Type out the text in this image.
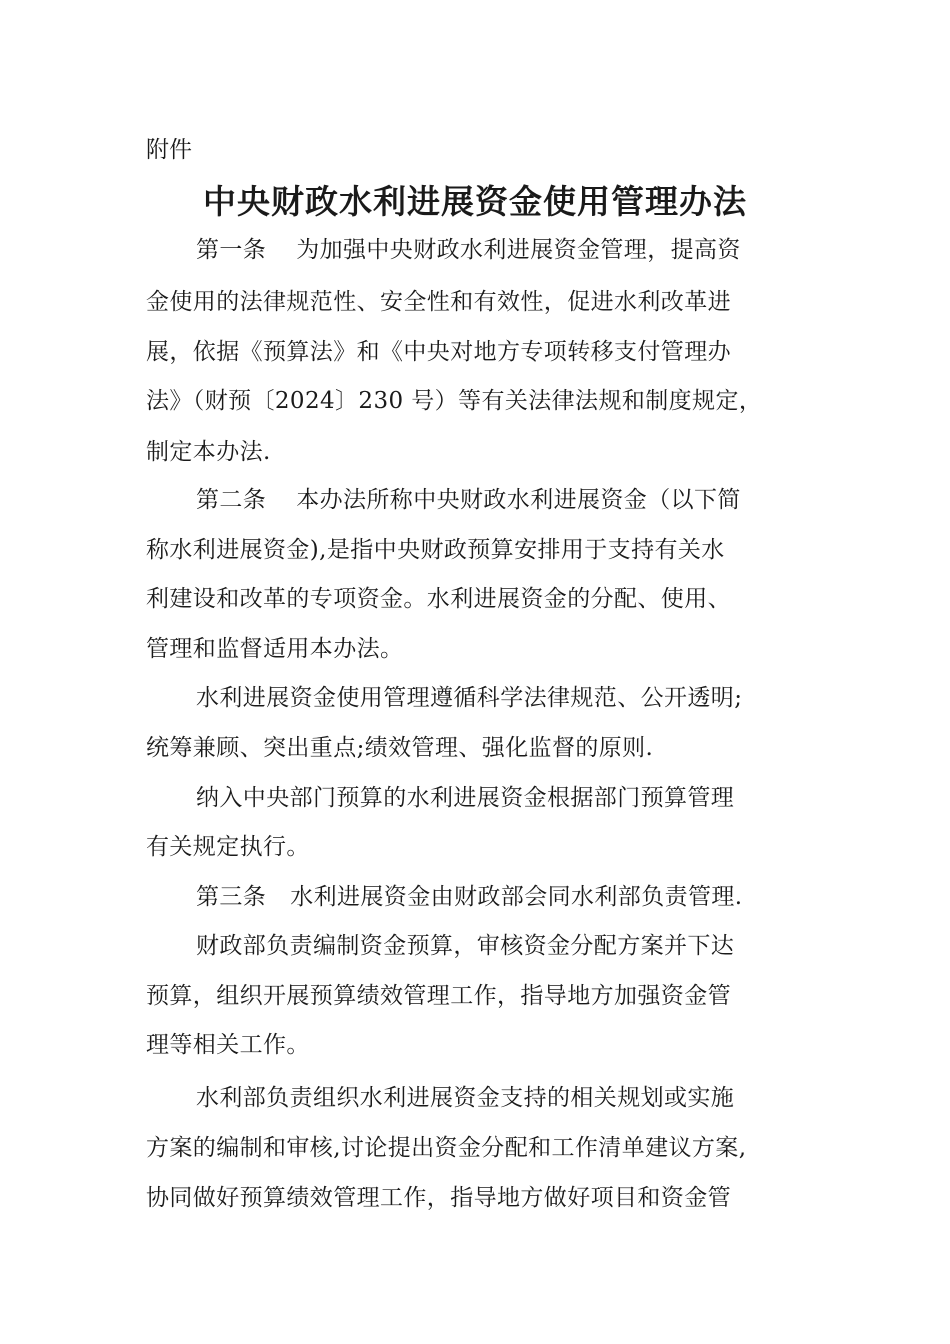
附件
中央财政水利进展资金使用管理办法
第一条 为加强中央财政水利进展资金管理，提高资
金使用的法律规范性、安全性和有效性，促进水利改革进
展，依据《预算法》和《中央对地方专项转移支付管理办
法》（财预〔2024〕230 号）等有关法律法规和制度规定，
制定本办法.
第二条 本办法所称中央财政水利进展资金（以下简
称水利进展资金),是指中央财政预算安排用于支持有关水
利建设和改革的专项资金。水利进展资金的分配、使用、
管理和监督适用本办法。
水利进展资金使用管理遵循科学法律规范、公开透明;
统筹兼顾、突出重点;绩效管理、强化监督的原则.
纳入中央部门预算的水利进展资金根据部门预算管理
有关规定执行。
第三条 水利进展资金由财政部会同水利部负责管理.
财政部负责编制资金预算，审核资金分配方案并下达
预算，组织开展预算绩效管理工作，指导地方加强资金管
理等相关工作。
水利部负责组织水利进展资金支持的相关规划或实施
方案的编制和审核,讨论提出资金分配和工作清单建议方案,
协同做好预算绩效管理工作，指导地方做好项目和资金管
